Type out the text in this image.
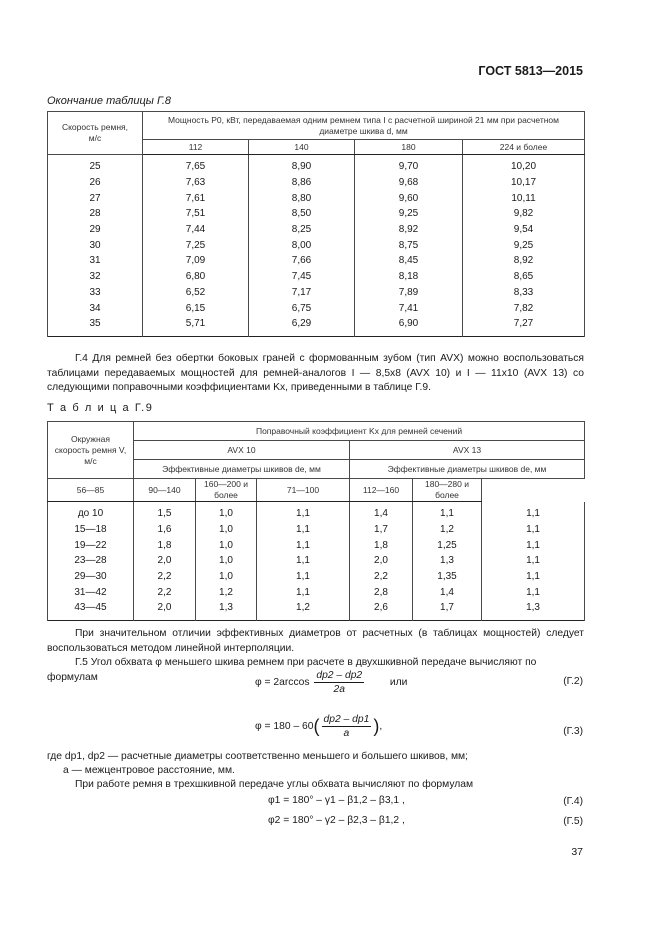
ГОСТ 5813—2015
Окончание таблицы Г.8
Скорость ремня, м/с	Мощность P0, кВт, передаваемая одним ремнем типа I с расчетной шириной 21 мм при расчетном диаметре шкива d, мм			
	112	140	180	224 и более
25	7,65	8,90	9,70	10,20
26	7,63	8,86	9,68	10,17
27	7,61	8,80	9,60	10,11
28	7,51	8,50	9,25	9,82
29	7,44	8,25	8,92	9,54
30	7,25	8,00	8,75	9,25
31	7,09	7,66	8,45	8,92
32	6,80	7,45	8,18	8,65
33	6,52	7,17	7,89	8,33
34	6,15	6,75	7,41	7,82
35	5,71	6,29	6,90	7,27
Г.4 Для ремней без обертки боковых граней с формованным зубом (тип AVX) можно воспользоваться таблицами передаваемых мощностей для ремней-аналогов I — 8,5х8 (AVX 10) и I — 11х10 (AVX 13) со следующими поправочными коэффициентами Kx, приведенными в таблице Г.9.
Т а б л и ц а Г.9
Окружная скорость ремня V, м/с	Поправочный коэффициент Kx для ремней сечений					
	AVX 10			AVX 13		
	Эффективные диаметры шкивов de, мм			Эффективные диаметры шкивов de, мм		
56—85	90—140	160—200 и более	71—100	112—160	180—280 и более	
до 10	1,5	1,0	1,1	1,4	1,1	1,1
15—18	1,6	1,0	1,1	1,7	1,2	1,1
19—22	1,8	1,0	1,1	1,8	1,25	1,1
23—28	2,0	1,0	1,1	2,0	1,3	1,1
29—30	2,2	1,0	1,1	2,2	1,35	1,1
31—42	2,2	1,2	1,1	2,8	1,4	1,1
43—45	2,0	1,3	1,2	2,6	1,7	1,3
При значительном отличии эффективных диаметров от расчетных (в таблицах мощностей) следует воспользоваться методом линейной интерполяции.
Г.5 Угол обхвата φ меньшего шкива ремнем при расчете в двухшкивной передаче вычисляют по формулам
$\varphi = 2\arccos \frac{dp2 - dp2}{2a}$	или	(Г.2)
$\varphi = 180 - 60( \frac{dp2 - dp1}{a}$ ),	(Г.3)
где dp1, dp2 — расчетные диаметры соответственно меньшего и большего шкивов, мм;
a — межцентровое расстояние, мм.
При работе ремня в трехшкивной передаче углы обхвата вычисляют по формулам
φ1 = 180° – γ1 – β1,2 – β3,1 ,	(Г.4)
φ2 = 180° – γ2 – β2,3 – β1,2 ,	(Г.5)
37
